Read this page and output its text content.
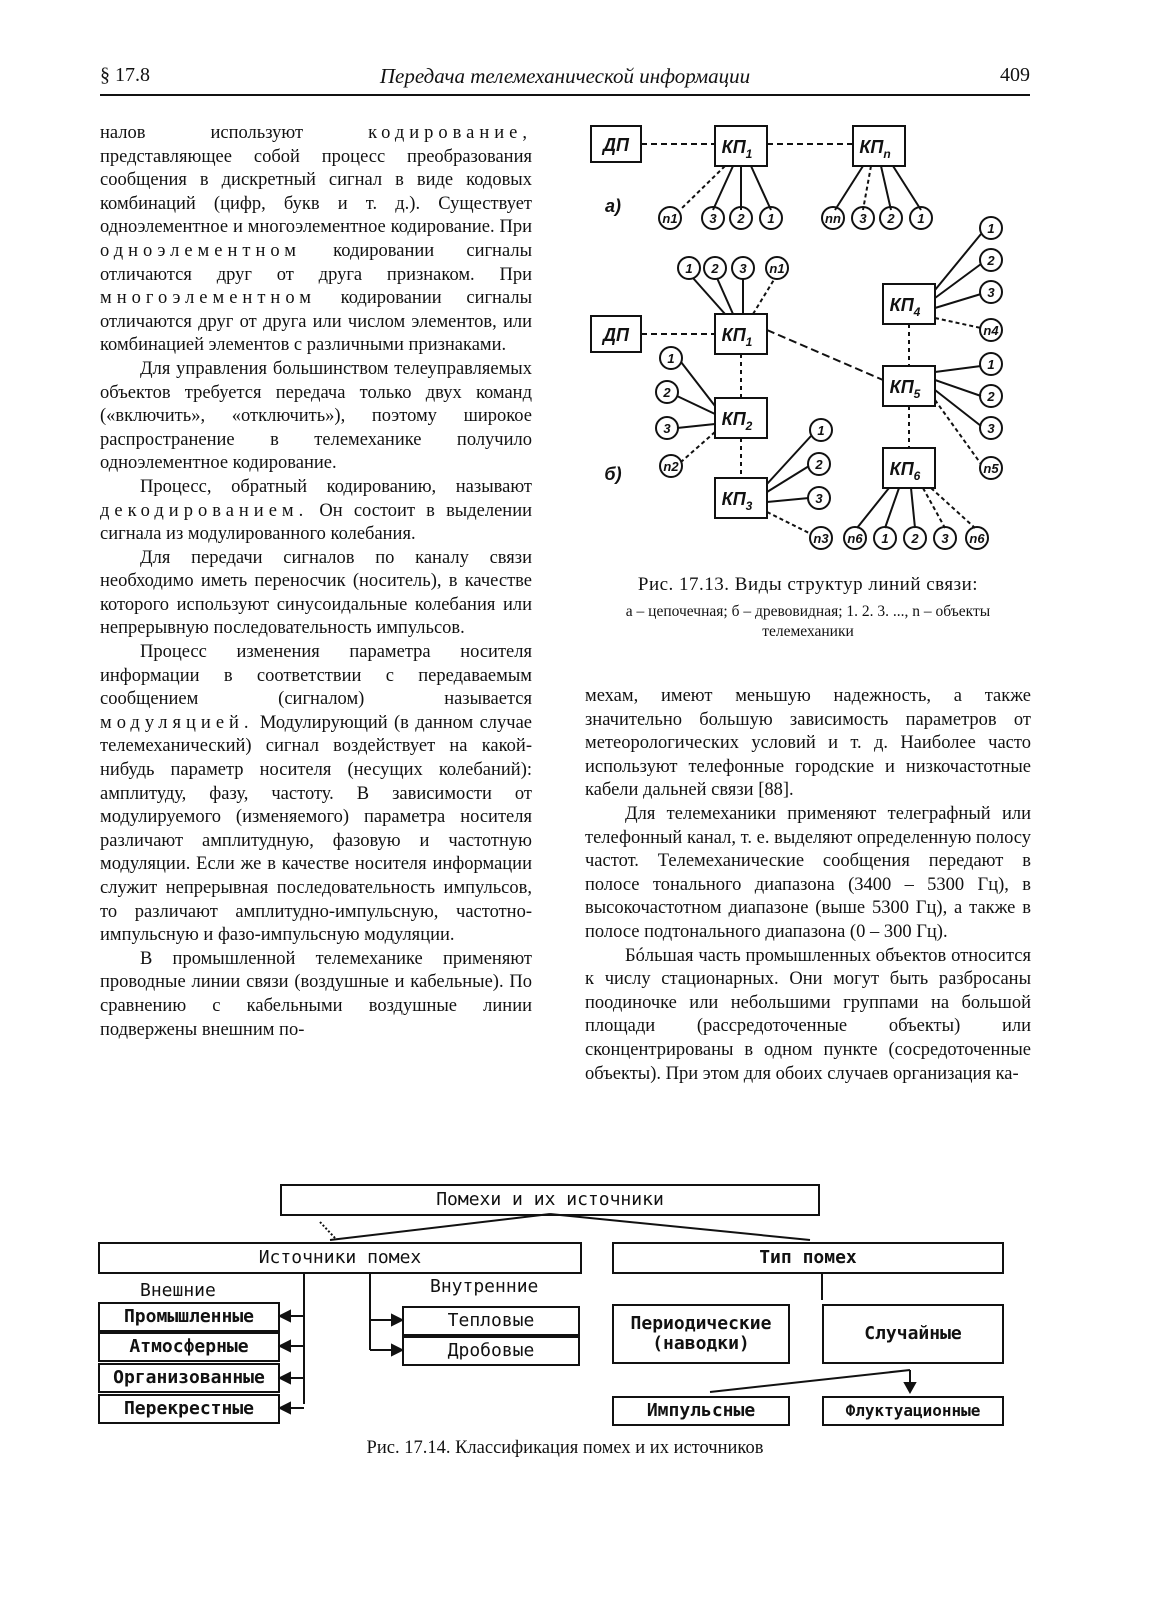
§ 17.8	Передача телемеханической информации	409

налов используют кодирование, представляющее собой процесс преобразования сообщения в дискретный сигнал в виде кодовых комбинаций (цифр, букв и т. д.). Существует одноэлементное и многоэлементное кодирование. При одноэлементном кодировании сигналы отличаются друг от друга признаком. При многоэлементном кодировании сигналы отличаются друг от друга или числом элементов, или комбинацией элементов с различными признаками.

Для управления большинством телеуправляемых объектов требуется передача только двух команд («включить», «отключить»), поэтому широкое распространение в телемеханике получило одноэлементное кодирование.

Процесс, обратный кодированию, называют декодированием. Он состоит в выделении сигнала из модулированного колебания.

Для передачи сигналов по каналу связи необходимо иметь переносчик (носитель), в качестве которого используют синусоидальные колебания или непрерывную последовательность импульсов.

Процесс изменения параметра носителя информации в соответствии с передаваемым сообщением (сигналом) называется модуляцией. Модулирующий (в данном случае телемеханический) сигнал воздействует на какой-нибудь параметр носителя (несущих колебаний): амплитуду, фазу, частоту. В зависимости от модулируемого (изменяемого) параметра носителя различают амплитудную, фазовую и частотную модуляции. Если же в качестве носителя информации служит непрерывная последовательность импульсов, то различают амплитудно-импульсную, частотно-импульсную и фазо-импульсную модуляции.

В промышленной телемеханике применяют проводные линии связи (воздушные и кабельные). По сравнению с кабельными воздушные линии подвержены внешним по-

ДП	$КП_1$	$КП_n$
а)
n1 3 2 1	nn 3 2 1
ДП	$КП_1$
$КП_2$
$КП_3$
$КП_4$
$КП_5$
$КП_6$
б)
1 2 3 n1
1
2
3
n2
1
2
3
n3
1
2
3
n4
1
2
3
n5
n6 1 2 3 n6
Рис. 17.13. Виды структур линий связи:
а – цепочечная; б – древовидная; 1. 2. 3. ..., n – объекты телемеханики

мехам, имеют меньшую надежность, а также значительно большую зависимость параметров от метеорологических условий и т. д. Наиболее часто используют телефонные городские и низкочастотные кабели дальней связи [88].

Для телемеханики применяют телеграфный или телефонный канал, т. е. выделяют определенную полосу частот. Телемеханические сообщения передают в полосе тонального диапазона (3400 – 5300 Гц), в высокочастотном диапазоне (выше 5300 Гц), а также в полосе подтонального диапазона (0 – 300 Гц).

Бóльшая часть промышленных объектов относится к числу стационарных. Они могут быть разбросаны поодиночке или небольшими группами на большой площади (рассредоточенные объекты) или сконцентрированы в одном пункте (сосредоточенные объекты). При этом для обоих случаев организация ка-

Помехи и их источники
Источники помех	Тип помех
Внешние	Внутренние
Промышленные
Атмосферные
Организованные
Перекрестные
Тепловые
Дробовые
Периодические (наводки)	Случайные
Импульсные	Флуктуационные
Рис. 17.14. Классификация помех и их источников
